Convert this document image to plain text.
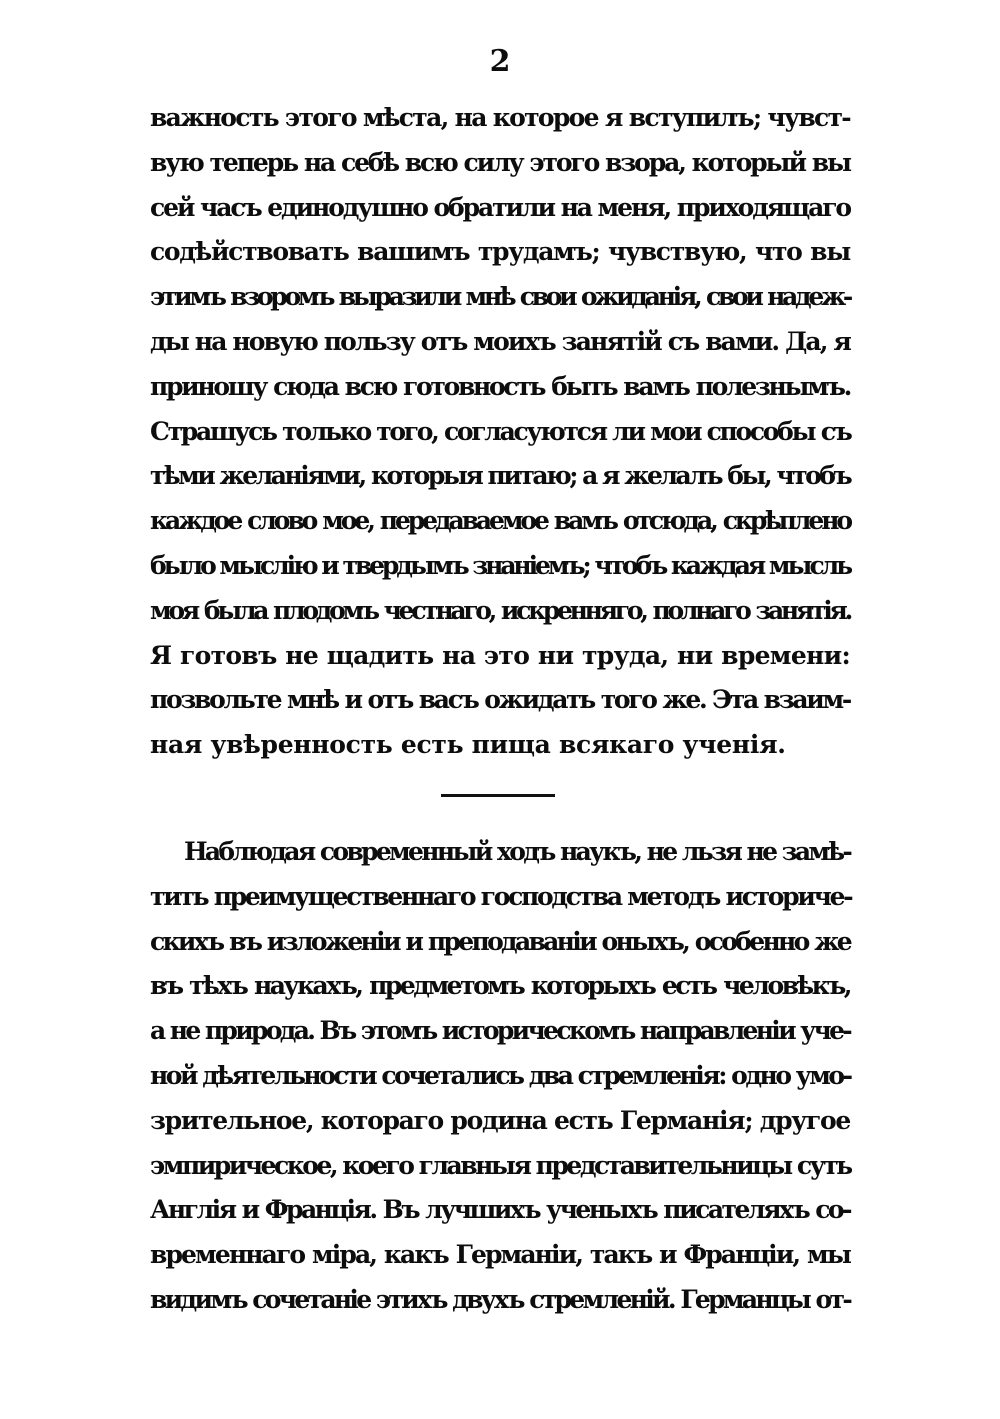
2
важность этого мѣста, на которое я вступилъ; чувст-
вую теперь на себѣ всю силу этого взора, который вы
сей часъ единодушно обратили на меня, приходящаго
содѣйствовать вашимъ трудамъ; чувствую, что вы
этимъ взоромъ выразили мнѣ свои ожиданія, свои надеж-
ды на новую пользу отъ моихъ занятій съ вами. Да, я
приношу сюда всю готовность быть вамъ полезнымъ.
Страшусь только того, согласуются ли мои способы съ
тѣми желаніями, которыя питаю; а я желалъ бы, чтобъ
каждое слово мое, передаваемое вамъ отсюда, скрѣплено
было мыслію и твердымъ знаніемъ; чтобъ каждая мысль
моя была плодомъ честнаго, искренняго, полнаго занятія.
Я готовъ не щадить на это ни труда, ни времени:
позвольте мнѣ и отъ васъ ожидать того же. Эта взаим-
ная увѣренность есть пища всякаго ученія.
Наблюдая современный ходъ наукъ, не льзя не замѣ-
тить преимущественнаго господства методъ историче-
скихъ въ изложеніи и преподаваніи оныхъ, особенно же
въ тѣхъ наукахъ, предметомъ которыхъ есть человѣкъ,
а не природа. Въ этомъ историческомъ направленіи уче-
ной дѣятельности сочетались два стремленія: одно умо-
зрительное, котораго родина есть Германія; другое
эмпирическое, коего главныя представительницы суть
Англія и Франція. Въ лучшихъ ученыхъ писателяхъ со-
временнаго міра, какъ Германіи, такъ и Франціи, мы
видимъ сочетаніе этихъ двухъ стремленій. Германцы от-
